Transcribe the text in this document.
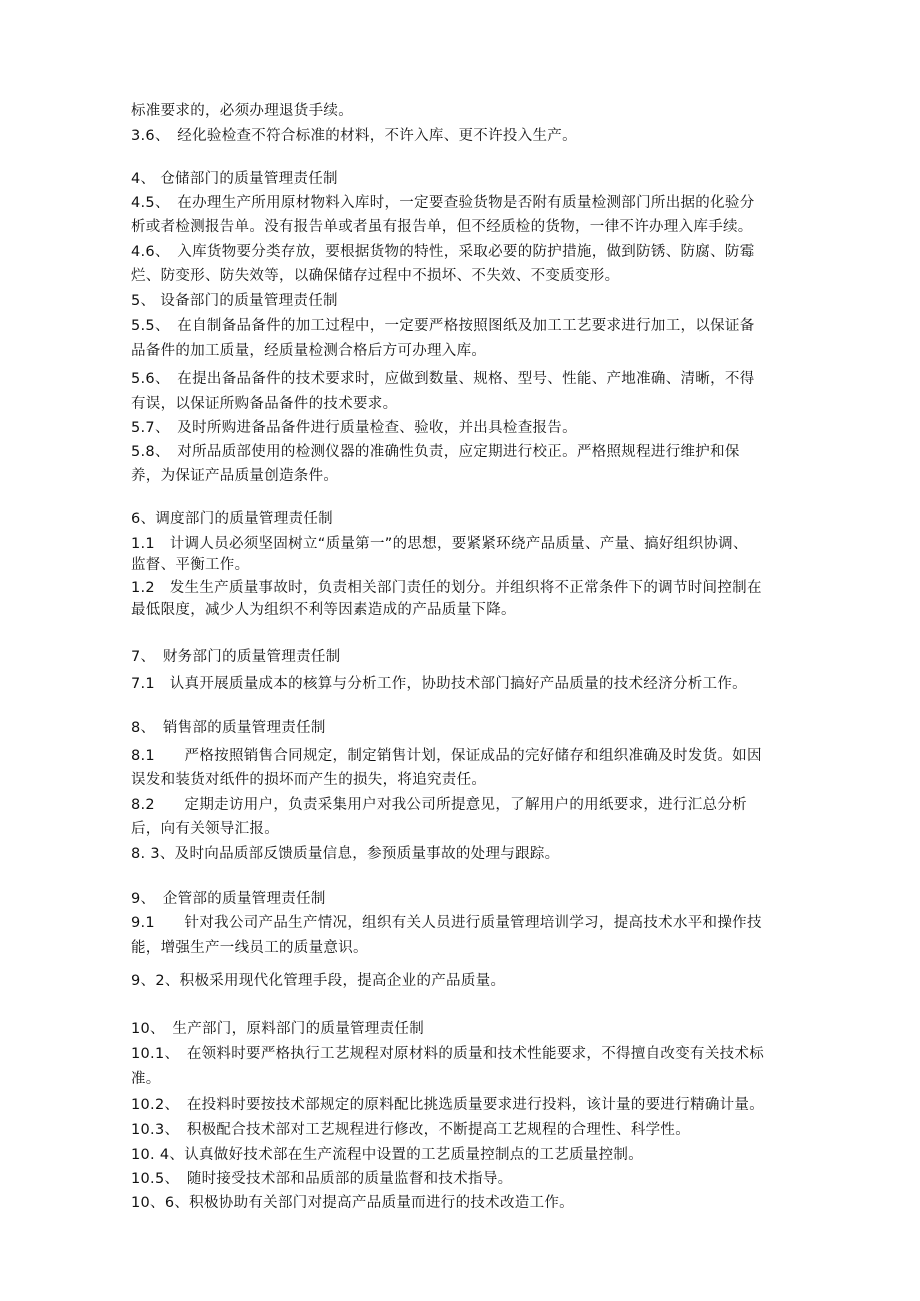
标准要求的，必须办理退货手续。
3.6、　经化验检查不符合标准的材料，不许入库、更不许投入生产。
4、 仓储部门的质量管理责任制
4.5、　在办理生产所用原材物料入库时，一定要查验货物是否附有质量检测部门所出据的化验分
析或者检测报告单。没有报告单或者虽有报告单，但不经质检的货物，一律不许办理入库手续。
4.6、　入库货物要分类存放，要根据货物的特性，采取必要的防护措施，做到防锈、防腐、防霉
烂、防变形、防失效等，以确保储存过程中不损坏、不失效、不变质变形。
5、 设备部门的质量管理责任制
5.5、　在自制备品备件的加工过程中，一定要严格按照图纸及加工工艺要求进行加工，以保证备
品备件的加工质量，经质量检测合格后方可办理入库。
5.6、　在提出备品备件的技术要求时，应做到数量、规格、型号、性能、产地准确、清晰，不得
有误，以保证所购备品备件的技术要求。
5.7、　及时所购进备品备件进行质量检查、验收，并出具检查报告。
5.8、　对所品质部使用的检测仪器的准确性负责，应定期进行校正。严格照规程进行维护和保
养，为保证产品质量创造条件。
6、调度部门的质量管理责任制
1.1　计调人员必须坚固树立“质量第一”的思想，要紧紧环绕产品质量、产量、搞好组织协调、
监督、平衡工作。
1.2　发生生产质量事故时，负责相关部门责任的划分。并组织将不正常条件下的调节时间控制在
最低限度，减少人为组织不利等因素造成的产品质量下降。
7、　财务部门的质量管理责任制
7.1　认真开展质量成本的核算与分析工作，协助技术部门搞好产品质量的技术经济分析工作。
8、　销售部的质量管理责任制
8.1　　严格按照销售合同规定，制定销售计划，保证成品的完好储存和组织准确及时发货。如因
误发和装货对纸件的损坏而产生的损失，将追究责任。
8.2　　定期走访用户，负责采集用户对我公司所提意见，了解用户的用纸要求，进行汇总分析
后，向有关领导汇报。
8. 3、及时向品质部反馈质量信息，参预质量事故的处理与跟踪。
9、　企管部的质量管理责任制
9.1　　针对我公司产品生产情况，组织有关人员进行质量管理培训学习，提高技术水平和操作技
能，增强生产一线员工的质量意识。
9、2、积极采用现代化管理手段，提高企业的产品质量。
10、　生产部门，原料部门的质量管理责任制
10.1、　在领料时要严格执行工艺规程对原材料的质量和技术性能要求，不得擅自改变有关技术标
准。
10.2、　在投料时要按技术部规定的原料配比挑选质量要求进行投料，该计量的要进行精确计量。
10.3、　积极配合技术部对工艺规程进行修改，不断提高工艺规程的合理性、科学性。
10. 4、认真做好技术部在生产流程中设置的工艺质量控制点的工艺质量控制。
10.5、　随时接受技术部和品质部的质量监督和技术指导。
10、6、积极协助有关部门对提高产品质量而进行的技术改造工作。
